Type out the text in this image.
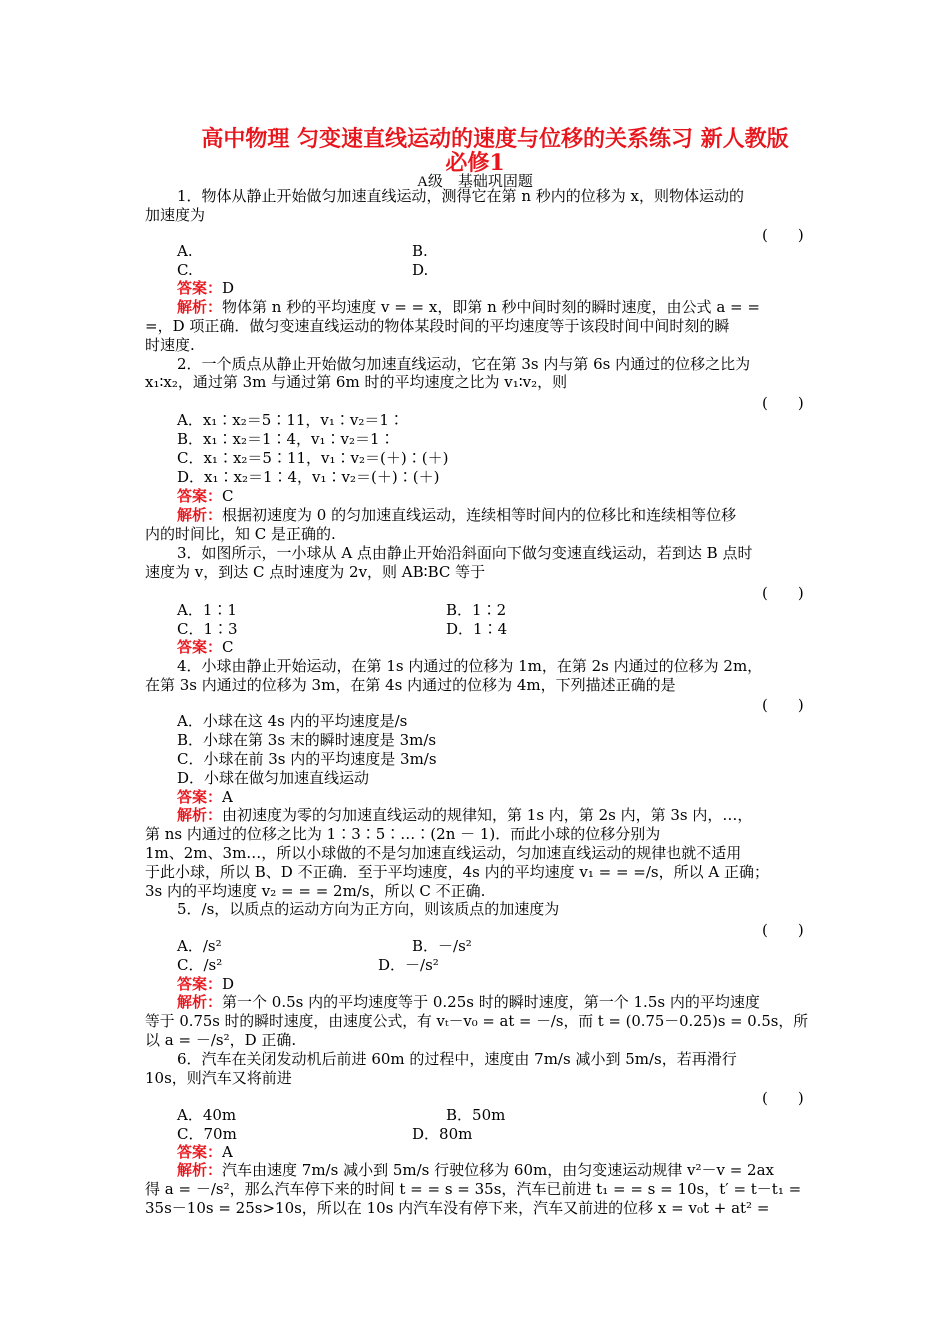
高中物理 匀变速直线运动的速度与位移的关系练习 新人教版
必修1
A级　基础巩固题
1．物体从静止开始做匀加速直线运动，测得它在第 n 秒内的位移为 x，则物体运动的
加速度为
(　　)
A.	B.
C.	D.
答案：D
解析：物体第 n 秒的平均速度 v = = x，即第 n 秒中间时刻的瞬时速度，由公式 a = =
=，D 项正确．做匀变速直线运动的物体某段时间的平均速度等于该段时间中间时刻的瞬
时速度.
2．一个质点从静止开始做匀加速直线运动，它在第 3s 内与第 6s 内通过的位移之比为
x₁∶x₂，通过第 3m 与通过第 6m 时的平均速度之比为 v₁∶v₂，则
(　　)
A．x₁∶x₂＝5∶11，v₁∶v₂＝1∶
B．x₁∶x₂＝1∶4，v₁∶v₂＝1∶
C．x₁∶x₂＝5∶11，v₁∶v₂＝(＋)∶(＋)
D．x₁∶x₂＝1∶4，v₁∶v₂＝(＋)∶(＋)
答案：C
解析：根据初速度为 0 的匀加速直线运动，连续相等时间内的位移比和连续相等位移
内的时间比，知 C 是正确的.
3．如图所示，一小球从 A 点由静止开始沿斜面向下做匀变速直线运动，若到达 B 点时
速度为 v，到达 C 点时速度为 2v，则 AB∶BC 等于
(　　)
A．1∶1	B．1∶2
C．1∶3	D．1∶4
答案：C
4．小球由静止开始运动，在第 1s 内通过的位移为 1m，在第 2s 内通过的位移为 2m，
在第 3s 内通过的位移为 3m，在第 4s 内通过的位移为 4m，下列描述正确的是
(　　)
A．小球在这 4s 内的平均速度是/s
B．小球在第 3s 末的瞬时速度是 3m/s
C．小球在前 3s 内的平均速度是 3m/s
D．小球在做匀加速直线运动
答案：A
解析：由初速度为零的匀加速直线运动的规律知，第 1s 内，第 2s 内，第 3s 内，…，
第 ns 内通过的位移之比为 1∶3∶5∶…∶(2n － 1)．而此小球的位移分别为
1m、2m、3m…，所以小球做的不是匀加速直线运动，匀加速直线运动的规律也就不适用
于此小球，所以 B、D 不正确．至于平均速度，4s 内的平均速度 v₁ = = =/s，所以 A 正确；
3s 内的平均速度 v₂ = = = 2m/s，所以 C 不正确.
5．/s，以质点的运动方向为正方向，则该质点的加速度为
(　　)
A．/s²	B．－/s²
C．/s²	D．－/s²
答案：D
解析：第一个 0.5s 内的平均速度等于 0.25s 时的瞬时速度，第一个 1.5s 内的平均速度
等于 0.75s 时的瞬时速度，由速度公式，有 vₜ－v₀ = at = －/s，而 t = (0.75－0.25)s = 0.5s，所
以 a = －/s²，D 正确.
6．汽车在关闭发动机后前进 60m 的过程中，速度由 7m/s 减小到 5m/s，若再滑行
10s，则汽车又将前进
(　　)
A．40m	B．50m
C．70m	D．80m
答案：A
解析：汽车由速度 7m/s 减小到 5m/s 行驶位移为 60m，由匀变速运动规律 v²－v = 2ax
得 a = －/s²，那么汽车停下来的时间 t = = s = 35s，汽车已前进 t₁ = = s = 10s，t′ = t－t₁ =
35s－10s = 25s>10s，所以在 10s 内汽车没有停下来，汽车又前进的位移 x = v₀t + at² =
